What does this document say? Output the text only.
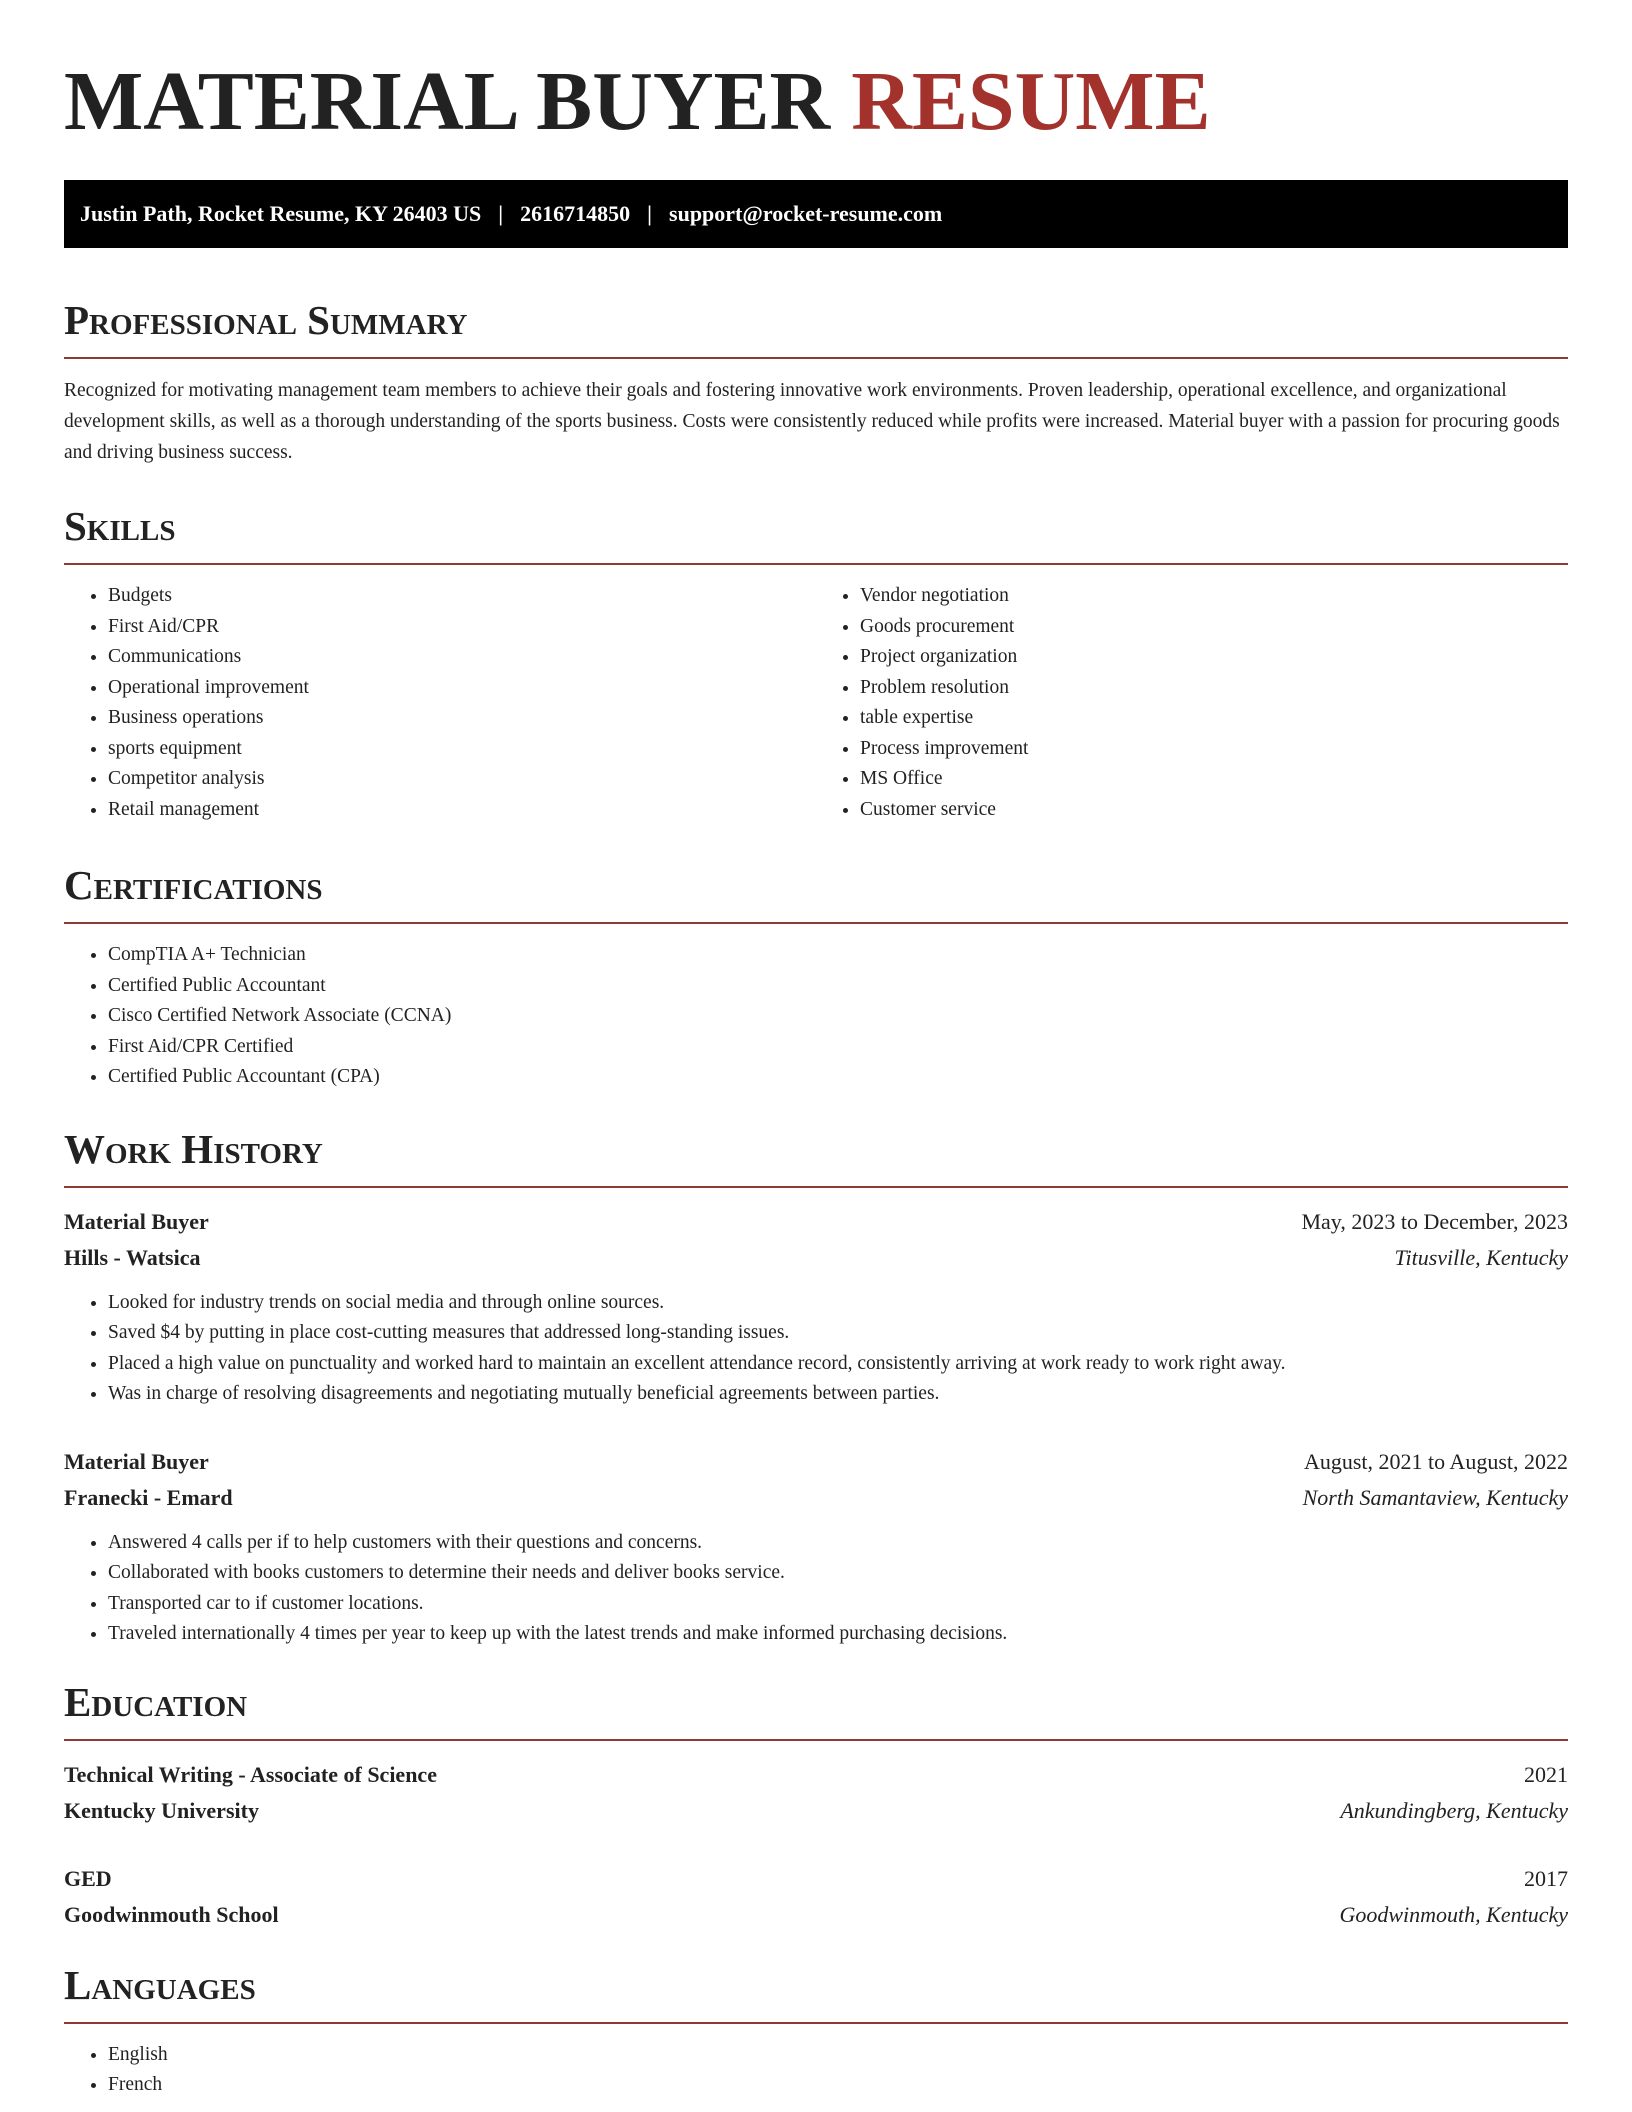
MATERIAL BUYER RESUME
Justin Path, Rocket Resume, KY 26403 US | 2616714850 | support@rocket-resume.com
Professional Summary

Recognized for motivating management team members to achieve their goals and fostering innovative work environments. Proven leadership, operational excellence, and organizational development skills, as well as a thorough understanding of the sports business. Costs were consistently reduced while profits were increased. Material buyer with a passion for procuring goods and driving business success.

Skills
• Budgets
• First Aid/CPR
• Communications
• Operational improvement
• Business operations
• sports equipment
• Competitor analysis
• Retail management
• Vendor negotiation
• Goods procurement
• Project organization
• Problem resolution
• table expertise
• Process improvement
• MS Office
• Customer service
Certifications
• CompTIA A+ Technician
• Certified Public Accountant
• Cisco Certified Network Associate (CCNA)
• First Aid/CPR Certified
• Certified Public Accountant (CPA)
Work History
Material Buyer	May, 2023 to December, 2023
Hills - Watsica	Titusville, Kentucky
• Looked for industry trends on social media and through online sources.
• Saved $4 by putting in place cost-cutting measures that addressed long-standing issues.
• Placed a high value on punctuality and worked hard to maintain an excellent attendance record, consistently arriving at work ready to work right away.
• Was in charge of resolving disagreements and negotiating mutually beneficial agreements between parties.
Material Buyer	August, 2021 to August, 2022
Franecki - Emard	North Samantaview, Kentucky
• Answered 4 calls per if to help customers with their questions and concerns.
• Collaborated with books customers to determine their needs and deliver books service.
• Transported car to if customer locations.
• Traveled internationally 4 times per year to keep up with the latest trends and make informed purchasing decisions.
Education
Technical Writing - Associate of Science	2021
Kentucky University	Ankundingberg, Kentucky
GED	2017
Goodwinmouth School	Goodwinmouth, Kentucky
Languages
• English
• French
